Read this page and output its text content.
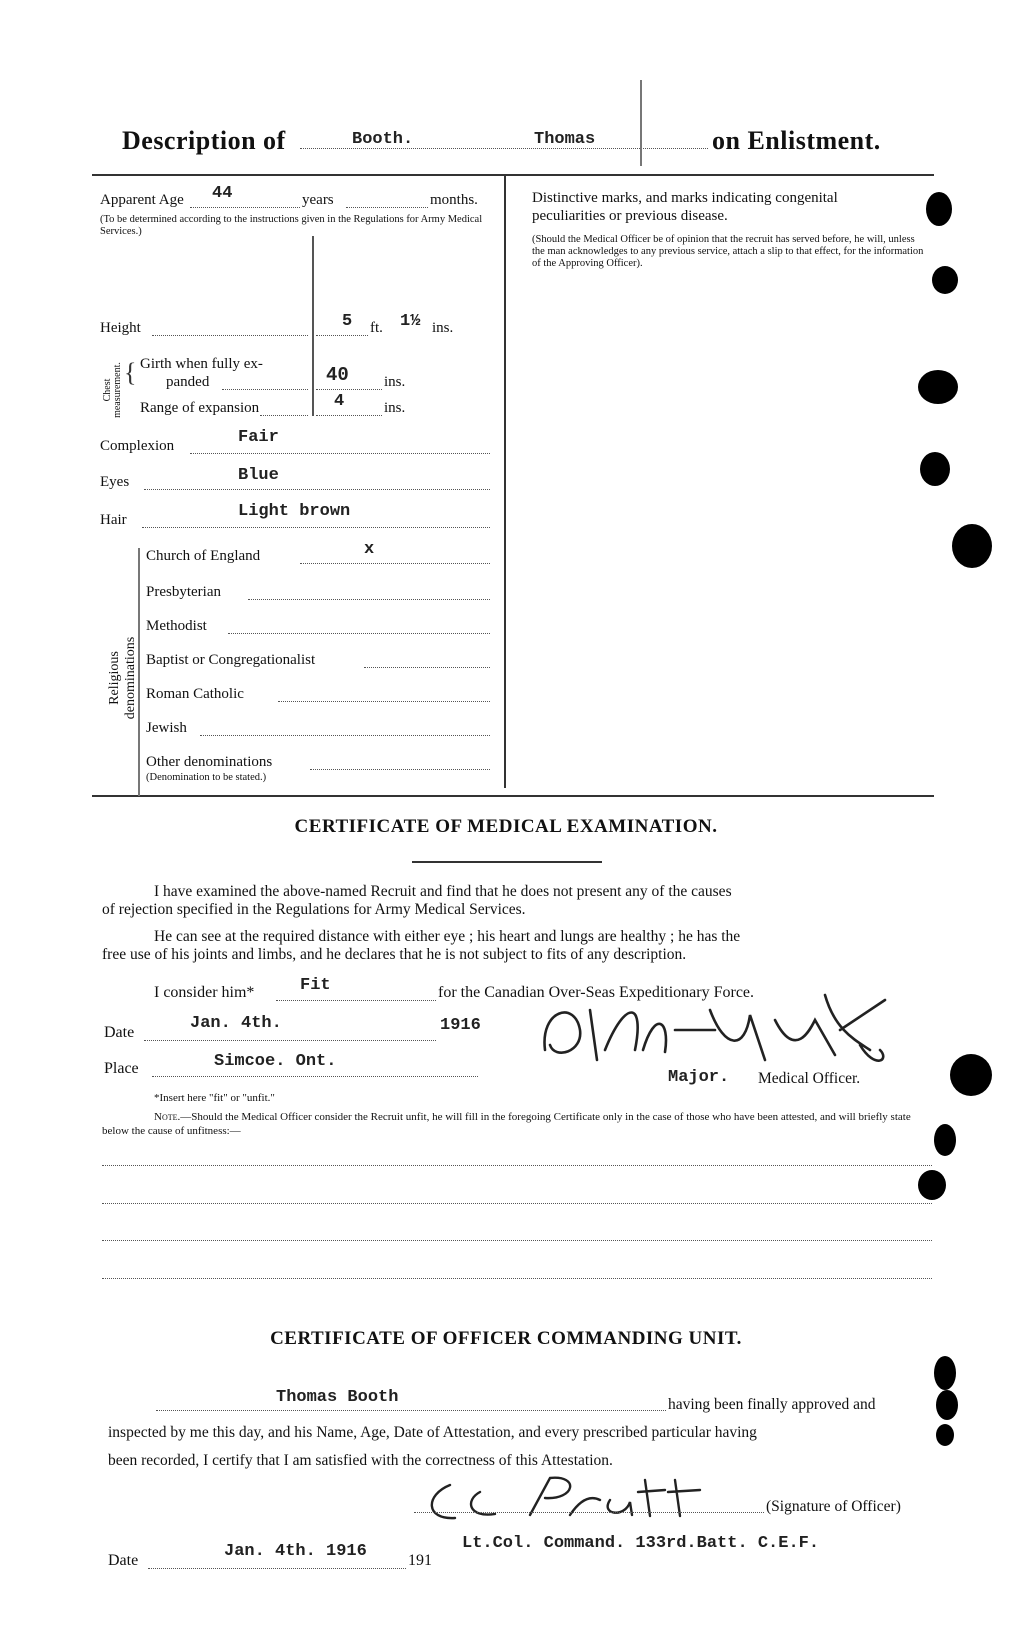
Description of	Booth.	Thomas	on Enlistment.
Apparent Age 44	years	months.
(To be determined according to the instructions given in the Regulations for Army Medical Services.)
Height	5 ft. 1½ ins.
Chest measurement. { Girth when fully ex-
panded	40 ins.
Range of expansion	4	ins.
Complexion	Fair
Eyes	Blue
Hair	Light brown
Religious denominations
Church of England	x
Presbyterian
Methodist
Baptist or Congregationalist
Roman Catholic
Jewish
Other denominations
(Denomination to be stated.)
Distinctive marks, and marks indicating congenital
peculiarities or previous disease.
(Should the Medical Officer be of opinion that the recruit has served before, he will, unless the man acknowledges to any previous service, attach a slip to that effect, for the information of the Approving Officer).
CERTIFICATE OF MEDICAL EXAMINATION.
I have examined the above-named Recruit and find that he does not present any of the causes
of rejection specified in the Regulations for Army Medical Services.
He can see at the required distance with either eye ; his heart and lungs are healthy ; he has the
free use of his joints and limbs, and he declares that he is not subject to fits of any description.
I consider him*	Fit	for the Canadian Over-Seas Expeditionary Force.
Date	Jan. 4th.	1916
Place	Simcoe. Ont.
Major. Medical Officer.
*Insert here "fit" or "unfit."
Note.—Should the Medical Officer consider the Recruit unfit, he will fill in the foregoing Certificate only in the case of those who have been attested, and will briefly state below the cause of unfitness:—
CERTIFICATE OF OFFICER COMMANDING UNIT.
Thomas Booth	having been finally approved and
inspected by me this day, and his Name, Age, Date of Attestation, and every prescribed particular having
been recorded, I certify that I am satisfied with the correctness of this Attestation.
(Signature of Officer)
Date	Jan. 4th. 1916	191
Lt.Col. Command. 133rd.Batt. C.E.F.
